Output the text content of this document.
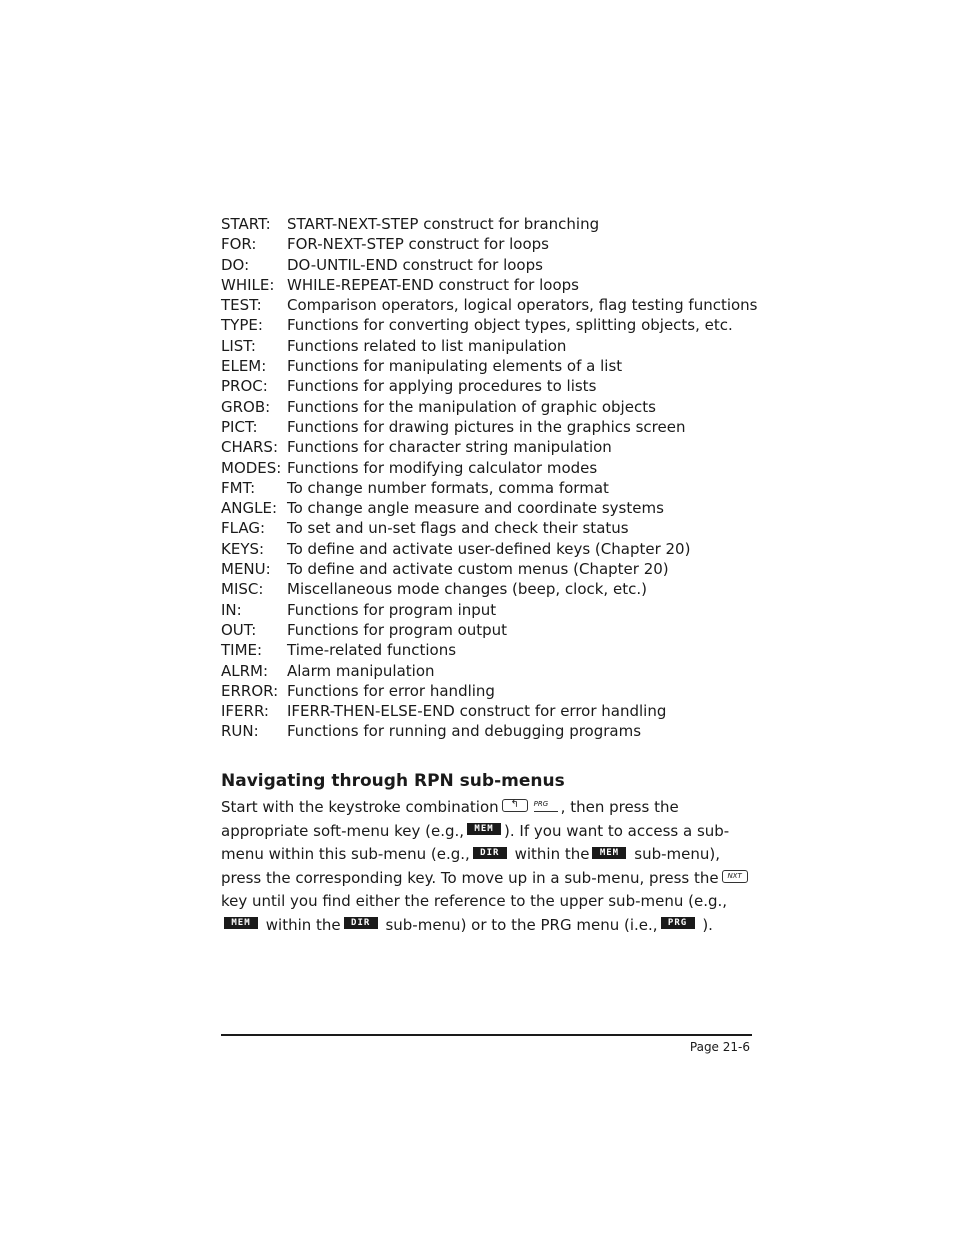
START:	START-NEXT-STEP construct for branching
FOR:	FOR-NEXT-STEP construct for loops
DO:	DO-UNTIL-END construct for loops
WHILE: WHILE-REPEAT-END construct for loops
TEST:	Comparison operators, logical operators, flag testing functions
TYPE:	Functions for converting object types, splitting objects, etc.
LIST:	Functions related to list manipulation
ELEM:	Functions for manipulating elements of a list
PROC:	Functions for applying procedures to lists
GROB:	Functions for the manipulation of graphic objects
PICT:	Functions for drawing pictures in the graphics screen
CHARS: Functions for character string manipulation
MODES: Functions for modifying calculator modes
FMT:	To change number formats, comma format
ANGLE: To change angle measure and coordinate systems
FLAG:	To set and un-set flags and check their status
KEYS:	To define and activate user-defined keys (Chapter 20)
MENU:	To define and activate custom menus (Chapter 20)
MISC:	Miscellaneous mode changes (beep, clock, etc.)
IN:	Functions for program input
OUT:	Functions for program output
TIME:	Time-related functions
ALRM:	Alarm manipulation
ERROR: Functions for error handling
IFERR:	IFERR-THEN-ELSE-END construct for error handling
RUN:	Functions for running and debugging programs
Navigating through RPN sub-menus

Start with the keystroke combination ↰ PRG , then press the appropriate soft-menu key (e.g., MEM ). If you want to access a sub-menu within this sub-menu (e.g., DIR within the MEM sub-menu), press the corresponding key. To move up in a sub-menu, press the NXT key until you find either the reference to the upper sub-menu (e.g., MEM within the DIR sub-menu) or to the PRG menu (i.e., PRG ).

Page 21-6
